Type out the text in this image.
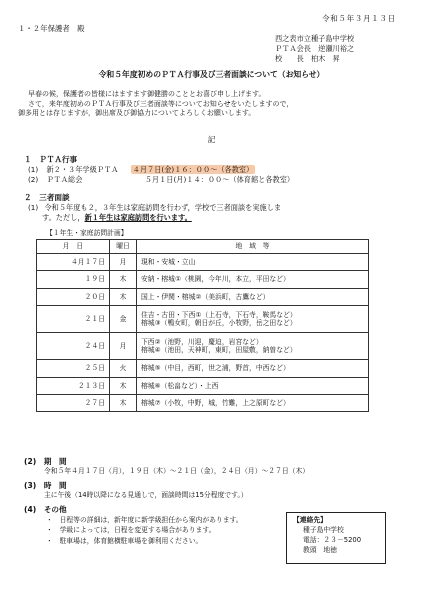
令和５年３月１３日
１・２年保護者　殿
西之表市立種子島中学校
ＰＴＡ会長　逆瀬川裕之
校　　長　柏木　昇
令和５年度初めのＰＴＡ行事及び三者面談について（お知らせ）
早春の候，保護者の皆様にはますます御健勝のこととお喜び申し上げます。
さて，来年度初めのＰＴＡ行事及び三者面談等についてお知らせをいたしますので，
御多用とは存じますが，御出席及び御協力についてよろしくお願いします。
記
１　ＰＴＡ行事
(1) 新２・３年学級ＰＴＡ ４月７日(金)１６：００～（各教室）
(2) ＰＴＡ総会	５月１日(月)１４：００～（体育館と各教室）
２　三者面談
(1) 令和５年度も２，３年生は家庭訪問を行わず，学校で三者面談を実施しま
す。ただし，新１年生は家庭訪問を行います。
【１年生・家庭訪問計画】
月　日	曜日	地　域　等
４月１７日	月	現和・安城・立山

１９日	木	安納・榕城①（桃園，今年川，本立，平田など）

２０日	木	国上・伊関・榕城②（美浜町，古鷹など）

２１日	金	住吉・古田・下西①（上石寺，下石寺，鞍馬など）
榕城③（鴨女町，朝日が丘，小牧野，岳之田など）

２４日	月	下西②（池野，川迎，慶迫，岩宮など）
榕城④（池田，天神町，東町，田屋敷，納曽など）

２５日	火	榕城⑤（中目，西町，世之浦，野首，中西など）

２１３日	木	榕城⑥（松畠など）・上西

２７日	木	榕城⑦（小牧，中野，城，竹難，上之原町など）
(2)　期　間
令和５年４月１７日（月），１９日（木）～２１日（金），２４日（月）～２７日（木）
(3)　時　間
主に午後（14時以降になる見通しで，面談時間は15分程度です。）
(4)　その他
・　日程等の詳細は，新年度に新学級担任から案内があります。
・　学級によっては，日程を変更する場合があります。
・　駐車場は，体育館横駐車場を御利用ください。
【連絡先】
種子島中学校
電話：２３－5200
教頭　地徳
